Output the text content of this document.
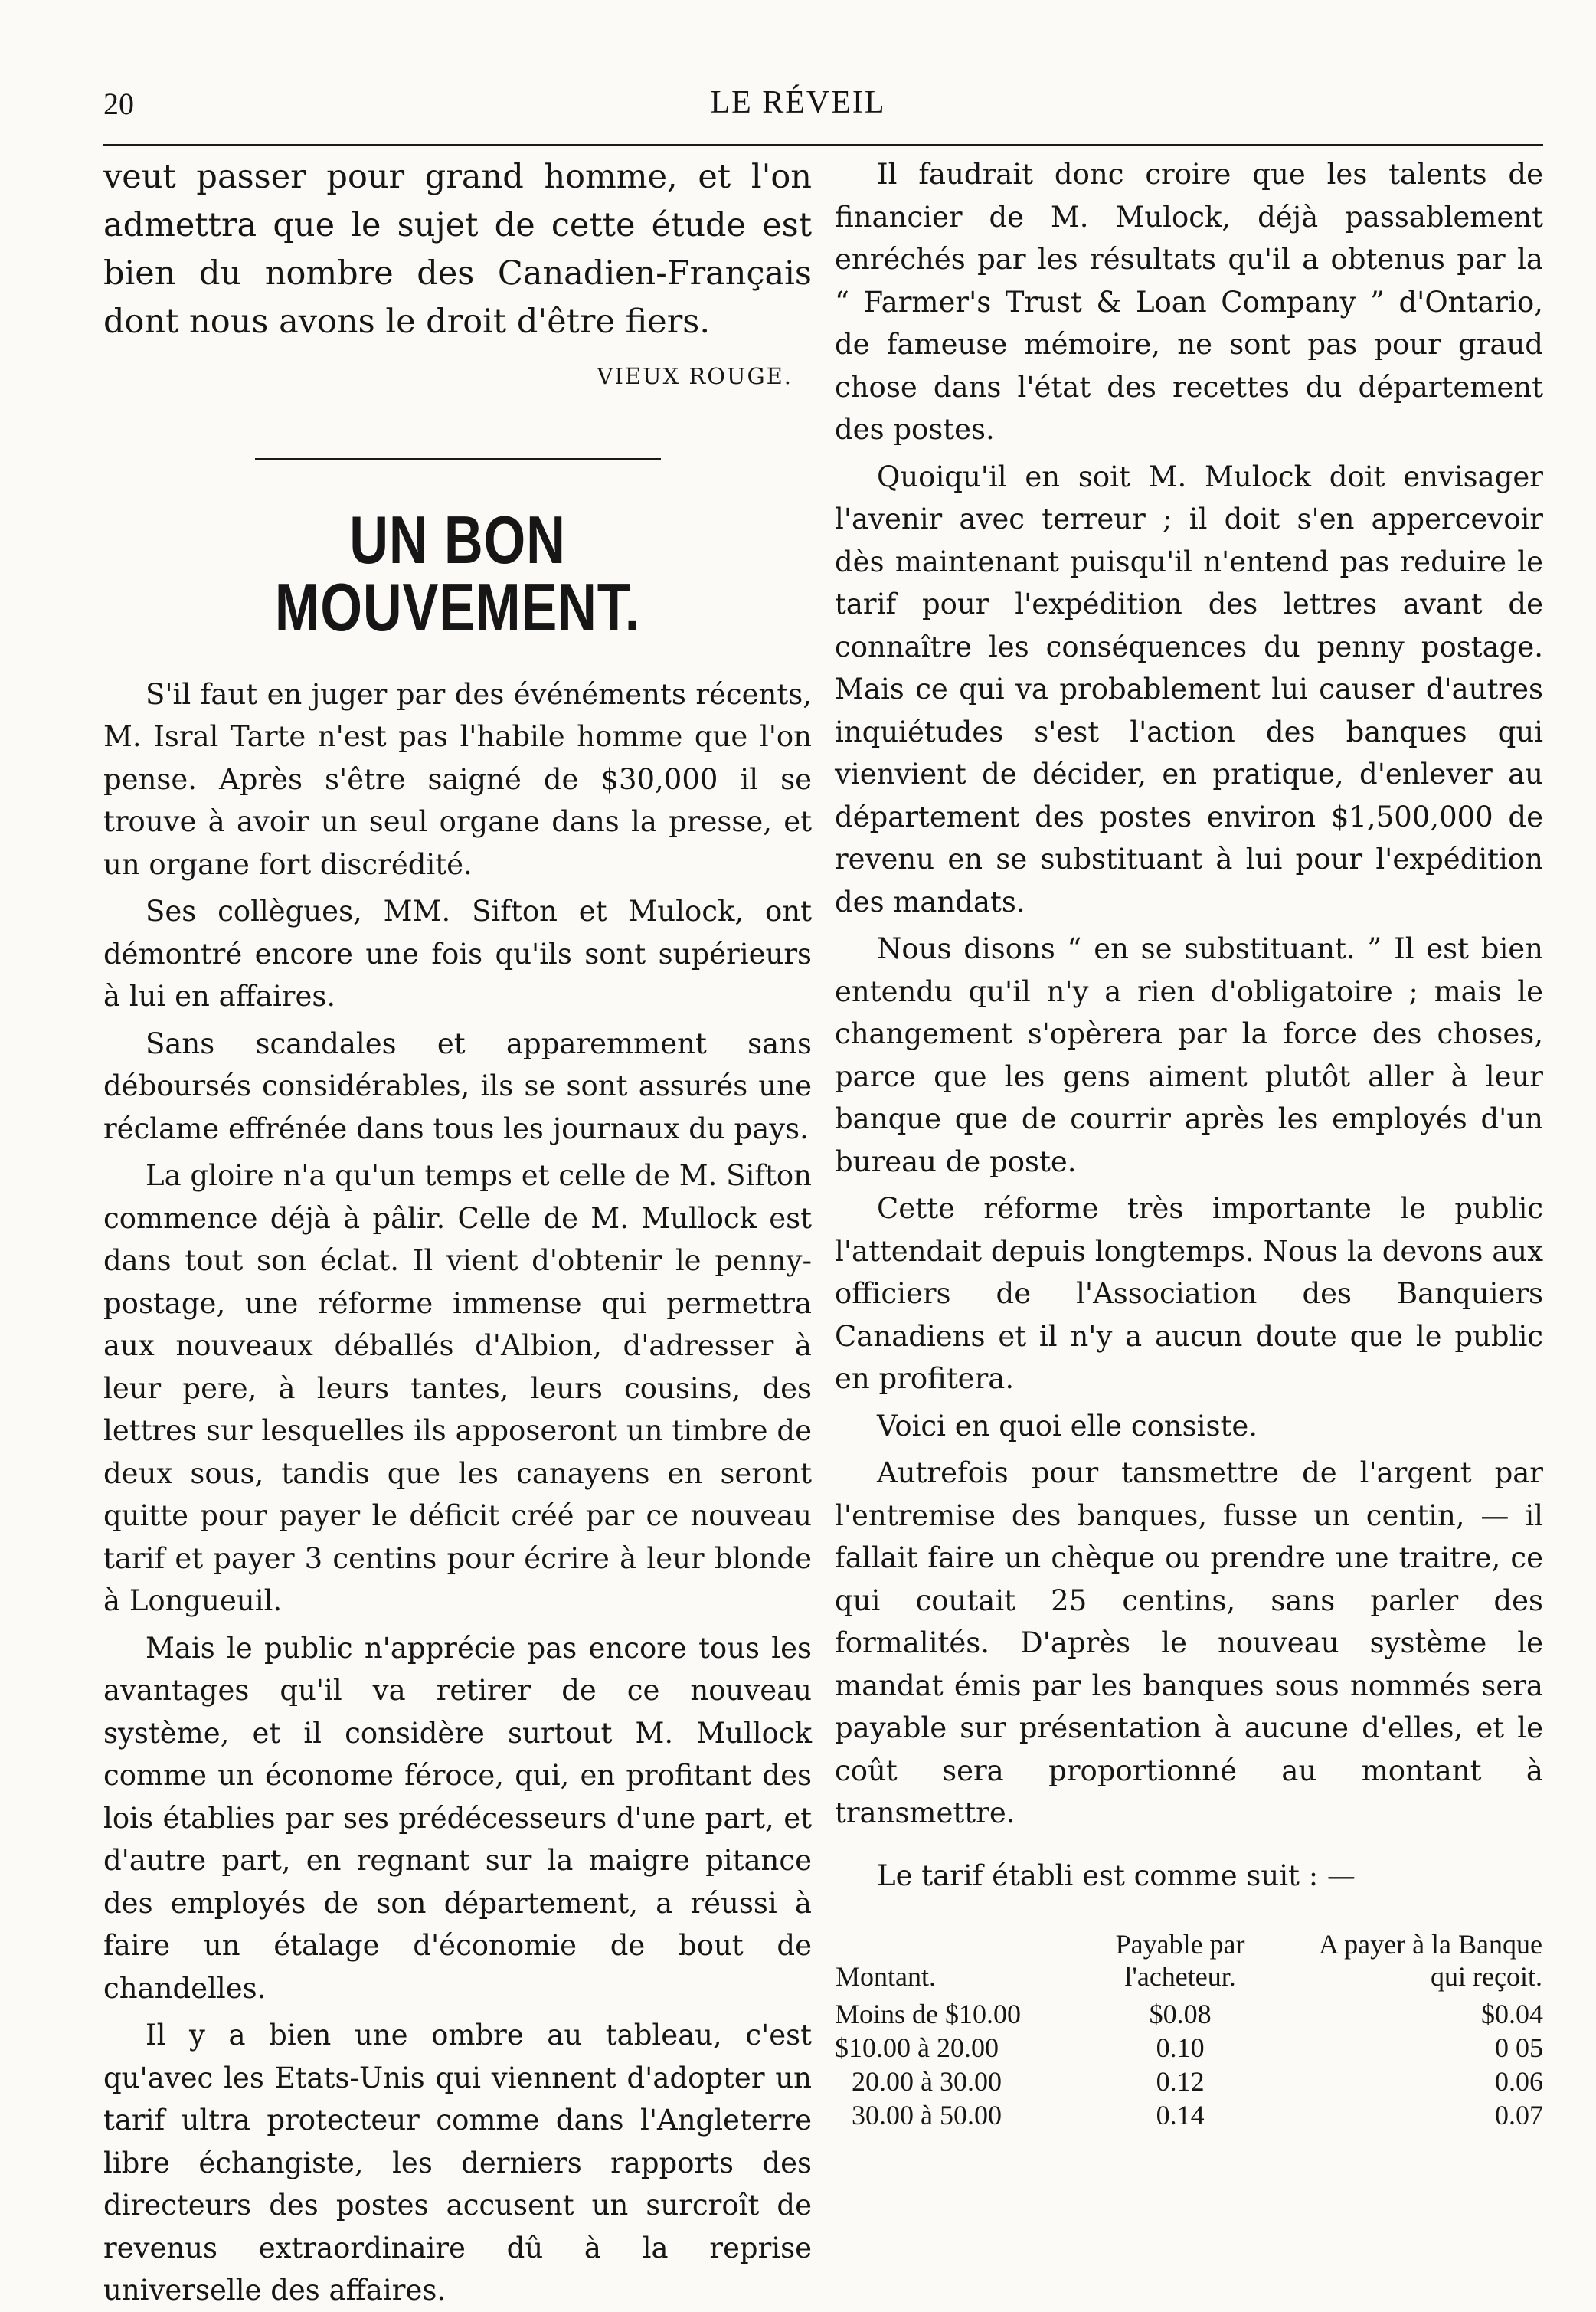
20	LE RÉVEIL

veut passer pour grand homme, et l'on admettra que le sujet de cette étude est bien du nombre des Canadien-Français dont nous avons le droit d'être fiers.

VIEUX ROUGE.

UN BON MOUVEMENT.

S'il faut en juger par des événéments récents, M. Isral Tarte n'est pas l'habile homme que l'on pense. Après s'être saigné de $30,000 il se trouve à avoir un seul organe dans la presse, et un organe fort discrédité.

Ses collègues, MM. Sifton et Mulock, ont démontré encore une fois qu'ils sont supérieurs à lui en affaires.

Sans scandales et apparemment sans déboursés considérables, ils se sont assurés une réclame effrénée dans tous les journaux du pays.

La gloire n'a qu'un temps et celle de M. Sifton commence déjà à pâlir. Celle de M. Mullock est dans tout son éclat. Il vient d'obtenir le penny-postage, une réforme immense qui permettra aux nouveaux déballés d'Albion, d'adresser à leur pere, à leurs tantes, leurs cousins, des lettres sur lesquelles ils apposeront un timbre de deux sous, tandis que les canayens en seront quitte pour payer le déficit créé par ce nouveau tarif et payer 3 centins pour écrire à leur blonde à Longueuil.

Mais le public n'apprécie pas encore tous les avantages qu'il va retirer de ce nouveau système, et il considère surtout M. Mullock comme un économe féroce, qui, en profitant des lois établies par ses prédécesseurs d'une part, et d'autre part, en regnant sur la maigre pitance des employés de son département, a réussi à faire un étalage d'économie de bout de chandelles.

Il y a bien une ombre au tableau, c'est qu'avec les Etats-Unis qui viennent d'adopter un tarif ultra protecteur comme dans l'Angleterre libre échangiste, les derniers rapports des directeurs des postes accusent un surcroît de revenus extraordinaire dû à la reprise universelle des affaires.

Il faudrait donc croire que les talents de financier de M. Mulock, déjà passablement enréchés par les résultats qu'il a obtenus par la “ Farmer's Trust & Loan Company ” d'Ontario, de fameuse mémoire, ne sont pas pour graud chose dans l'état des recettes du département des postes.

Quoiqu'il en soit M. Mulock doit envisager l'avenir avec terreur ; il doit s'en appercevoir dès maintenant puisqu'il n'entend pas reduire le tarif pour l'expédition des lettres avant de connaître les conséquences du penny postage. Mais ce qui va probablement lui causer d'autres inquiétudes s'est l'action des banques qui vienvient de décider, en pratique, d'enlever au département des postes environ $1,500,000 de revenu en se substituant à lui pour l'expédition des mandats.

Nous disons “ en se substituant. ” Il est bien entendu qu'il n'y a rien d'obligatoire ; mais le changement s'opèrera par la force des choses, parce que les gens aiment plutôt aller à leur banque que de courrir après les employés d'un bureau de poste.

Cette réforme très importante le public l'attendait depuis longtemps. Nous la devons aux officiers de l'Association des Banquiers Canadiens et il n'y a aucun doute que le public en profitera.

Voici en quoi elle consiste.

Autrefois pour tansmettre de l'argent par l'entremise des banques, fusse un centin, — il fallait faire un chèque ou prendre une traitre, ce qui coutait 25 centins, sans parler des formalités. D'après le nouveau système le mandat émis par les banques sous nommés sera payable sur présentation à aucune d'elles, et le coût sera proportionné au montant à transmettre.

Le tarif établi est comme suit : —

Montant.	Payable par l'acheteur.	A payer à la Banque qui reçoit.
Moins de $10.00	$0.08	$0.04
$10.00 à 20.00	0.10	0 05
20.00 à 30.00	0.12	0.06
30.00 à 50.00	0.14	0.07
